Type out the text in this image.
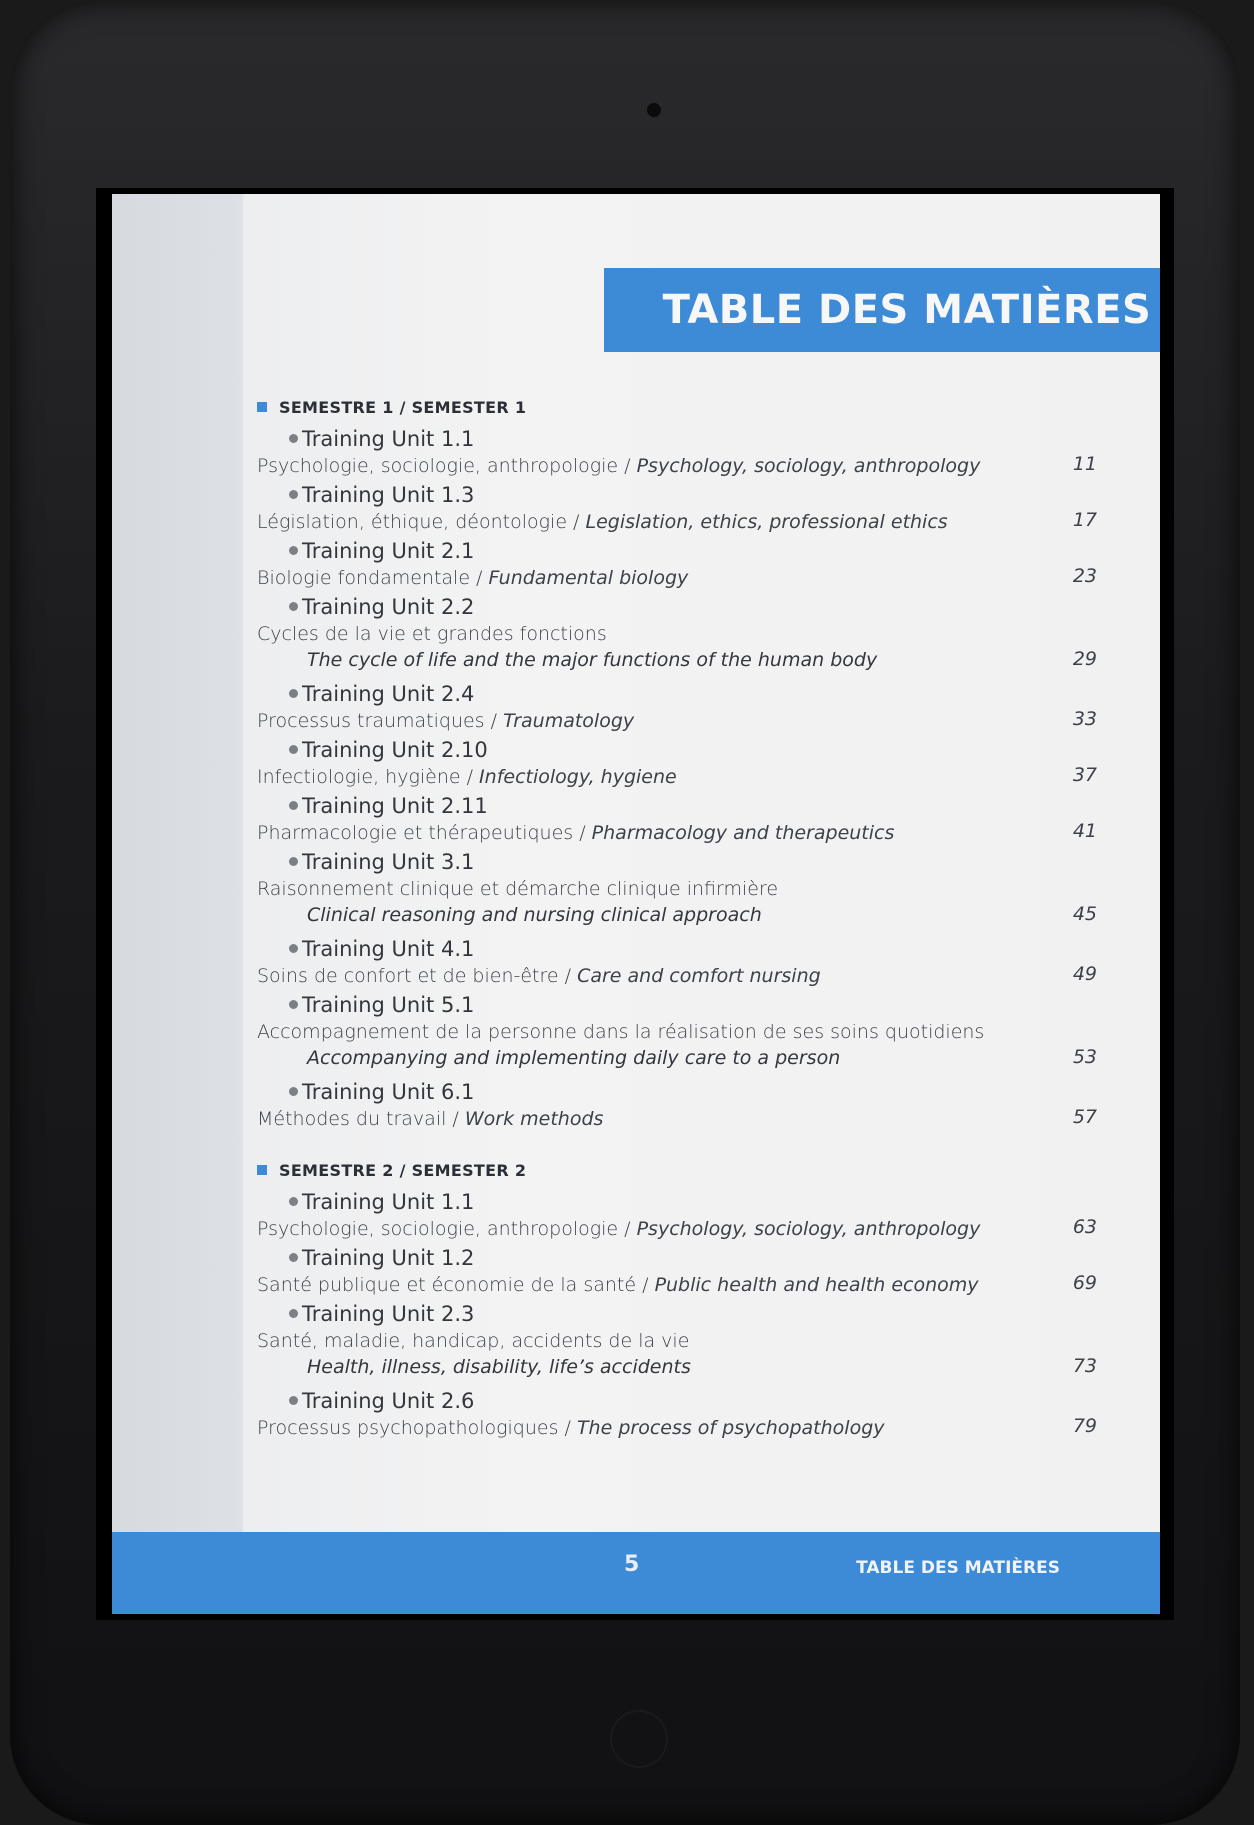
TABLE DES MATIÈRES
SEMESTRE 1 / SEMESTER 1
Training Unit 1.1
Psychologie, sociologie, anthropologie / Psychology, sociology, anthropology	11
Training Unit 1.3
Législation, éthique, déontologie / Legislation, ethics, professional ethics	17
Training Unit 2.1
Biologie fondamentale / Fundamental biology	23
Training Unit 2.2
Cycles de la vie et grandes fonctions
The cycle of life and the major functions of the human body	29
Training Unit 2.4
Processus traumatiques / Traumatology	33
Training Unit 2.10
Infectiologie, hygiène / Infectiology, hygiene	37
Training Unit 2.11
Pharmacologie et thérapeutiques / Pharmacology and therapeutics	41
Training Unit 3.1
Raisonnement clinique et démarche clinique infirmière
Clinical reasoning and nursing clinical approach	45
Training Unit 4.1
Soins de confort et de bien-être / Care and comfort nursing	49
Training Unit 5.1
Accompagnement de la personne dans la réalisation de ses soins quotidiens
Accompanying and implementing daily care to a person	53
Training Unit 6.1
Méthodes du travail / Work methods	57
SEMESTRE 2 / SEMESTER 2
Training Unit 1.1
Psychologie, sociologie, anthropologie / Psychology, sociology, anthropology	63
Training Unit 1.2
Santé publique et économie de la santé / Public health and health economy	69
Training Unit 2.3
Santé, maladie, handicap, accidents de la vie
Health, illness, disability, life’s accidents	73
Training Unit 2.6
Processus psychopathologiques / The process of psychopathology	79
5	TABLE DES MATIÈRES
